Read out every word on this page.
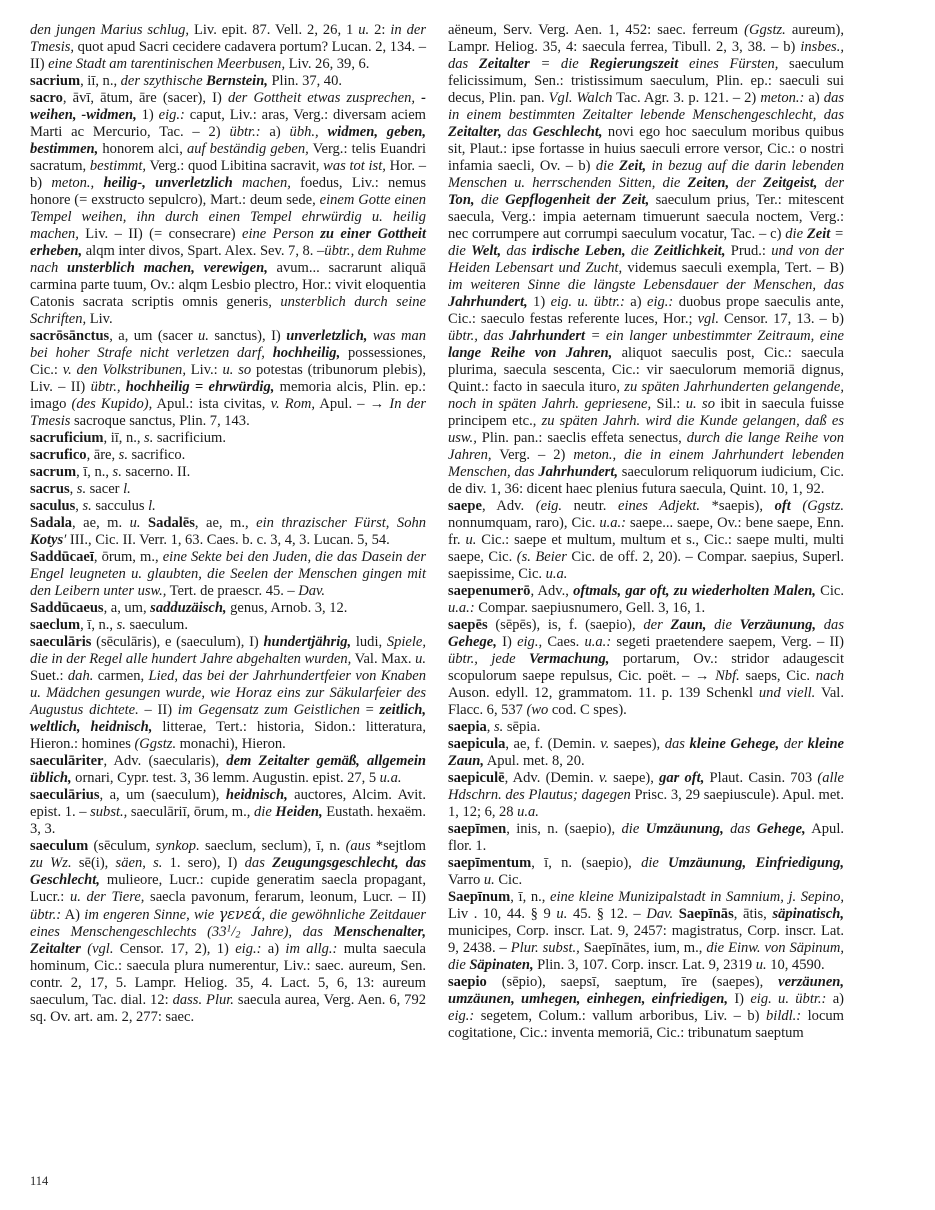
den jungen Marius schlug, Liv. epit. 87. Vell. 2, 26, 1 u. 2: in der Tmesis, quot apud Sacri cecidere cadavera portum? Lucan. 2, 134. – II) eine Stadt am tarentinischen Meerbusen, Liv. 26, 39, 6.

sacrium, iī, n., der szythische Bernstein, Plin. 37, 40.

sacro, āvī, ātum, āre (sacer), I) der Gottheit etwas zusprechen, -weihen, -widmen, 1) eig.: caput, Liv.: aras, Verg.: diversam aciem Marti ac Mercurio, Tac. – 2) übtr.: a) übh., widmen, geben, bestimmen, honorem alci, auf beständig geben, Verg.: telis Euandri sacratum, bestimmt, Verg.: quod Libitina sacravit, was tot ist, Hor. – b) meton., heilig-, unverletzlich machen, foedus, Liv.: nemus honore (= exstructo sepulcro), Mart.: deum sede, einem Gotte einen Tempel weihen, ihn durch einen Tempel ehrwürdig u. heilig machen, Liv. – II) (= consecrare) eine Person zu einer Gottheit erheben, alqm inter divos, Spart. Alex. Sev. 7, 8. –übtr., dem Ruhme nach unsterblich machen, verewigen, avum... sacrarunt aliquā carmina parte tuum, Ov.: alqm Lesbio plectro, Hor.: vivit eloquentia Catonis sacrata scriptis omnis generis, unsterblich durch seine Schriften, Liv.

sacrōsānctus, a, um (sacer u. sanctus), I) unverletzlich, was man bei hoher Strafe nicht verletzen darf, hochheilig, possessiones, Cic.: v. den Volkstribunen, Liv.: u. so potestas (tribunorum plebis), Liv. – II) übtr., hochheilig = ehrwürdig, memoria alcis, Plin. ep.: imago (des Kupido), Apul.: ista civitas, v. Rom, Apul. – → In der Tmesis sacroque sanctus, Plin. 7, 143.

sacruficium, iī, n., s. sacrificium.

sacrufico, āre, s. sacrifico.

sacrum, ī, n., s. sacerno. II.

sacrus, s. sacer l.

saculus, s. sacculus l.

Sadala, ae, m. u. Sadalēs, ae, m., ein thrazischer Fürst, Sohn Kotys′ III., Cic. II. Verr. 1, 63. Caes. b. c. 3, 4, 3. Lucan. 5, 54.

Saddūcaeī, ōrum, m., eine Sekte bei den Juden, die das Dasein der Engel leugneten u. glaubten, die Seelen der Menschen gingen mit den Leibern unter usw., Tert. de praescr. 45. – Dav.

Saddūcaeus, a, um, sadduzäisch, genus, Arnob. 3, 12.

saeclum, ī, n., s. saeculum.

saeculāris (sēculāris), e (saeculum), I) hundertjährig, ludi, Spiele, die in der Regel alle hundert Jahre abgehalten wurden, Val. Max. u. Suet.: dah. carmen, Lied, das bei der Jahrhundertfeier von Knaben u. Mädchen gesungen wurde, wie Horaz eins zur Säkularfeier des Augustus dichtete. – II) im Gegensatz zum Geistlichen = zeitlich, weltlich, heidnisch, litterae, Tert.: historia, Sidon.: litteratura, Hieron.: homines (Ggstz. monachi), Hieron.

saeculāriter, Adv. (saecularis), dem Zeitalter gemäß, allgemein üblich, ornari, Cypr. test. 3, 36 lemm. Augustin. epist. 27, 5 u.a.

saeculārius, a, um (saeculum), heidnisch, auctores, Alcim. Avit. epist. 1. – subst., saeculāriī, ōrum, m., die Heiden, Eustath. hexaëm. 3, 3.

saeculum (sēculum, synkop. saeclum, seclum), ī, n. (aus *sejtlom zu Wz. sē(i), säen, s. 1. sero), I) das Zeugungsgeschlecht, das Geschlecht, mulieore, Lucr.: cupide generatim saecla propagant, Lucr.: u. der Tiere, saecla pavonum, ferarum, leonum, Lucr. – II) übtr.: A) im engeren Sinne, wie γενεά, die gewöhnliche Zeitdauer eines Menschengeschlechts ($33^1/_2$ Jahre), das Menschenalter, Zeitalter (vgl. Censor. 17, 2), 1) eig.: a) im allg.: multa saecula hominum, Cic.: saecula plura numerentur, Liv.: saec. aureum, Sen. contr. 2, 17, 5. Lampr. Heliog. 35, 4. Lact. 5, 6, 13: aureum saeculum, Tac. dial. 12: dass. Plur. saecula aurea, Verg. Aen. 6, 792 sq. Ov. art. am. 2, 277: saec.

aëneum, Serv. Verg. Aen. 1, 452: saec. ferreum (Ggstz. aureum), Lampr. Heliog. 35, 4: saecula ferrea, Tibull. 2, 3, 38. – b) insbes., das Zeitalter = die Regierungszeit eines Fürsten, saeculum felicissimum, Sen.: tristissimum saeculum, Plin. ep.: saeculi sui decus, Plin. pan. Vgl. Walch Tac. Agr. 3. p. 121. – 2) meton.: a) das in einem bestimmten Zeitalter lebende Menschengeschlecht, das Zeitalter, das Geschlecht, novi ego hoc saeculum moribus quibus sit, Plaut.: ipse fortasse in huius saeculi errore versor, Cic.: o nostri infamia saecli, Ov. – b) die Zeit, in bezug auf die darin lebenden Menschen u. herrschenden Sitten, die Zeiten, der Zeitgeist, der Ton, die Gepflogenheit der Zeit, saeculum prius, Ter.: mitescent saecula, Verg.: impia aeternam timuerunt saecula noctem, Verg.: nec corrumpere aut corrumpi saeculum vocatur, Tac. – c) die Zeit = die Welt, das irdische Leben, die Zeitlichkeit, Prud.: und von der Heiden Lebensart und Zucht, videmus saeculi exempla, Tert. – B) im weiteren Sinne die längste Lebensdauer der Menschen, das Jahrhundert, 1) eig. u. übtr.: a) eig.: duobus prope saeculis ante, Cic.: saeculo festas referente luces, Hor.; vgl. Censor. 17, 13. – b) übtr., das Jahrhundert = ein langer unbestimmter Zeitraum, eine lange Reihe von Jahren, aliquot saeculis post, Cic.: saecula plurima, saecula sescenta, Cic.: vir saeculorum memoriā dignus, Quint.: facto in saecula ituro, zu späten Jahrhunderten gelangende, noch in späten Jahrh. gepriesene, Sil.: u. so ibit in saecula fuisse principem etc., zu späten Jahrh. wird die Kunde gelangen, daß es usw., Plin. pan.: saeclis effeta senectus, durch die lange Reihe von Jahren, Verg. – 2) meton., die in einem Jahrhundert lebenden Menschen, das Jahrhundert, saeculorum reliquorum iudicium, Cic. de div. 1, 36: dicent haec plenius futura saecula, Quint. 10, 1, 92.

saepe, Adv. (eig. neutr. eines Adjekt. *saepis), oft (Ggstz. nonnumquam, raro), Cic. u.a.: saepe... saepe, Ov.: bene saepe, Enn. fr. u. Cic.: saepe et multum, multum et s., Cic.: saepe multi, multi saepe, Cic. (s. Beier Cic. de off. 2, 20). – Compar. saepius, Superl. saepissime, Cic. u.a.

saepenumerō, Adv., oftmals, gar oft, zu wiederholten Malen, Cic. u.a.: Compar. saepiusnumero, Gell. 3, 16, 1.

saepēs (sēpēs), is, f. (saepio), der Zaun, die Verzäunung, das Gehege, I) eig., Caes. u.a.: segeti praetendere saepem, Verg. – II) übtr., jede Vermachung, portarum, Ov.: stridor adaugescit scopulorum saepe repulsus, Cic. poët. – → Nbf. saeps, Cic. nach Auson. edyll. 12, grammatom. 11. p. 139 Schenkl und viell. Val. Flacc. 6, 537 (wo cod. C spes).

saepia, s. sēpia.

saepicula, ae, f. (Demin. v. saepes), das kleine Gehege, der kleine Zaun, Apul. met. 8, 20.

saepiculē, Adv. (Demin. v. saepe), gar oft, Plaut. Casin. 703 (alle Hdschrn. des Plautus; dagegen Prisc. 3, 29 saepiuscule). Apul. met. 1, 12; 6, 28 u.a.

saepīmen, inis, n. (saepio), die Umzäunung, das Gehege, Apul. flor. 1.

saepīmentum, ī, n. (saepio), die Umzäunung, Einfriedigung, Varro u. Cic.

Saepīnum, ī, n., eine kleine Munizipalstadt in Samnium, j. Sepino, Liv . 10, 44. § 9 u. 45. § 12. – Dav. Saepīnās, ātis, säpinatisch, municipes, Corp. inscr. Lat. 9, 2457: magistratus, Corp. inscr. Lat. 9, 2438. – Plur. subst., Saepīnātes, ium, m., die Einw. von Säpinum, die Säpinaten, Plin. 3, 107. Corp. inscr. Lat. 9, 2319 u. 10, 4590.

saepio (sēpio), saepsī, saeptum, īre (saepes), verzäunen, umzäunen, umhegen, einhegen, einfriedigen, I) eig. u. übtr.: a) eig.: segetem, Colum.: vallum arboribus, Liv. – b) bildl.: locum cogitatione, Cic.: inventa memoriā, Cic.: tribunatum saeptum

114
